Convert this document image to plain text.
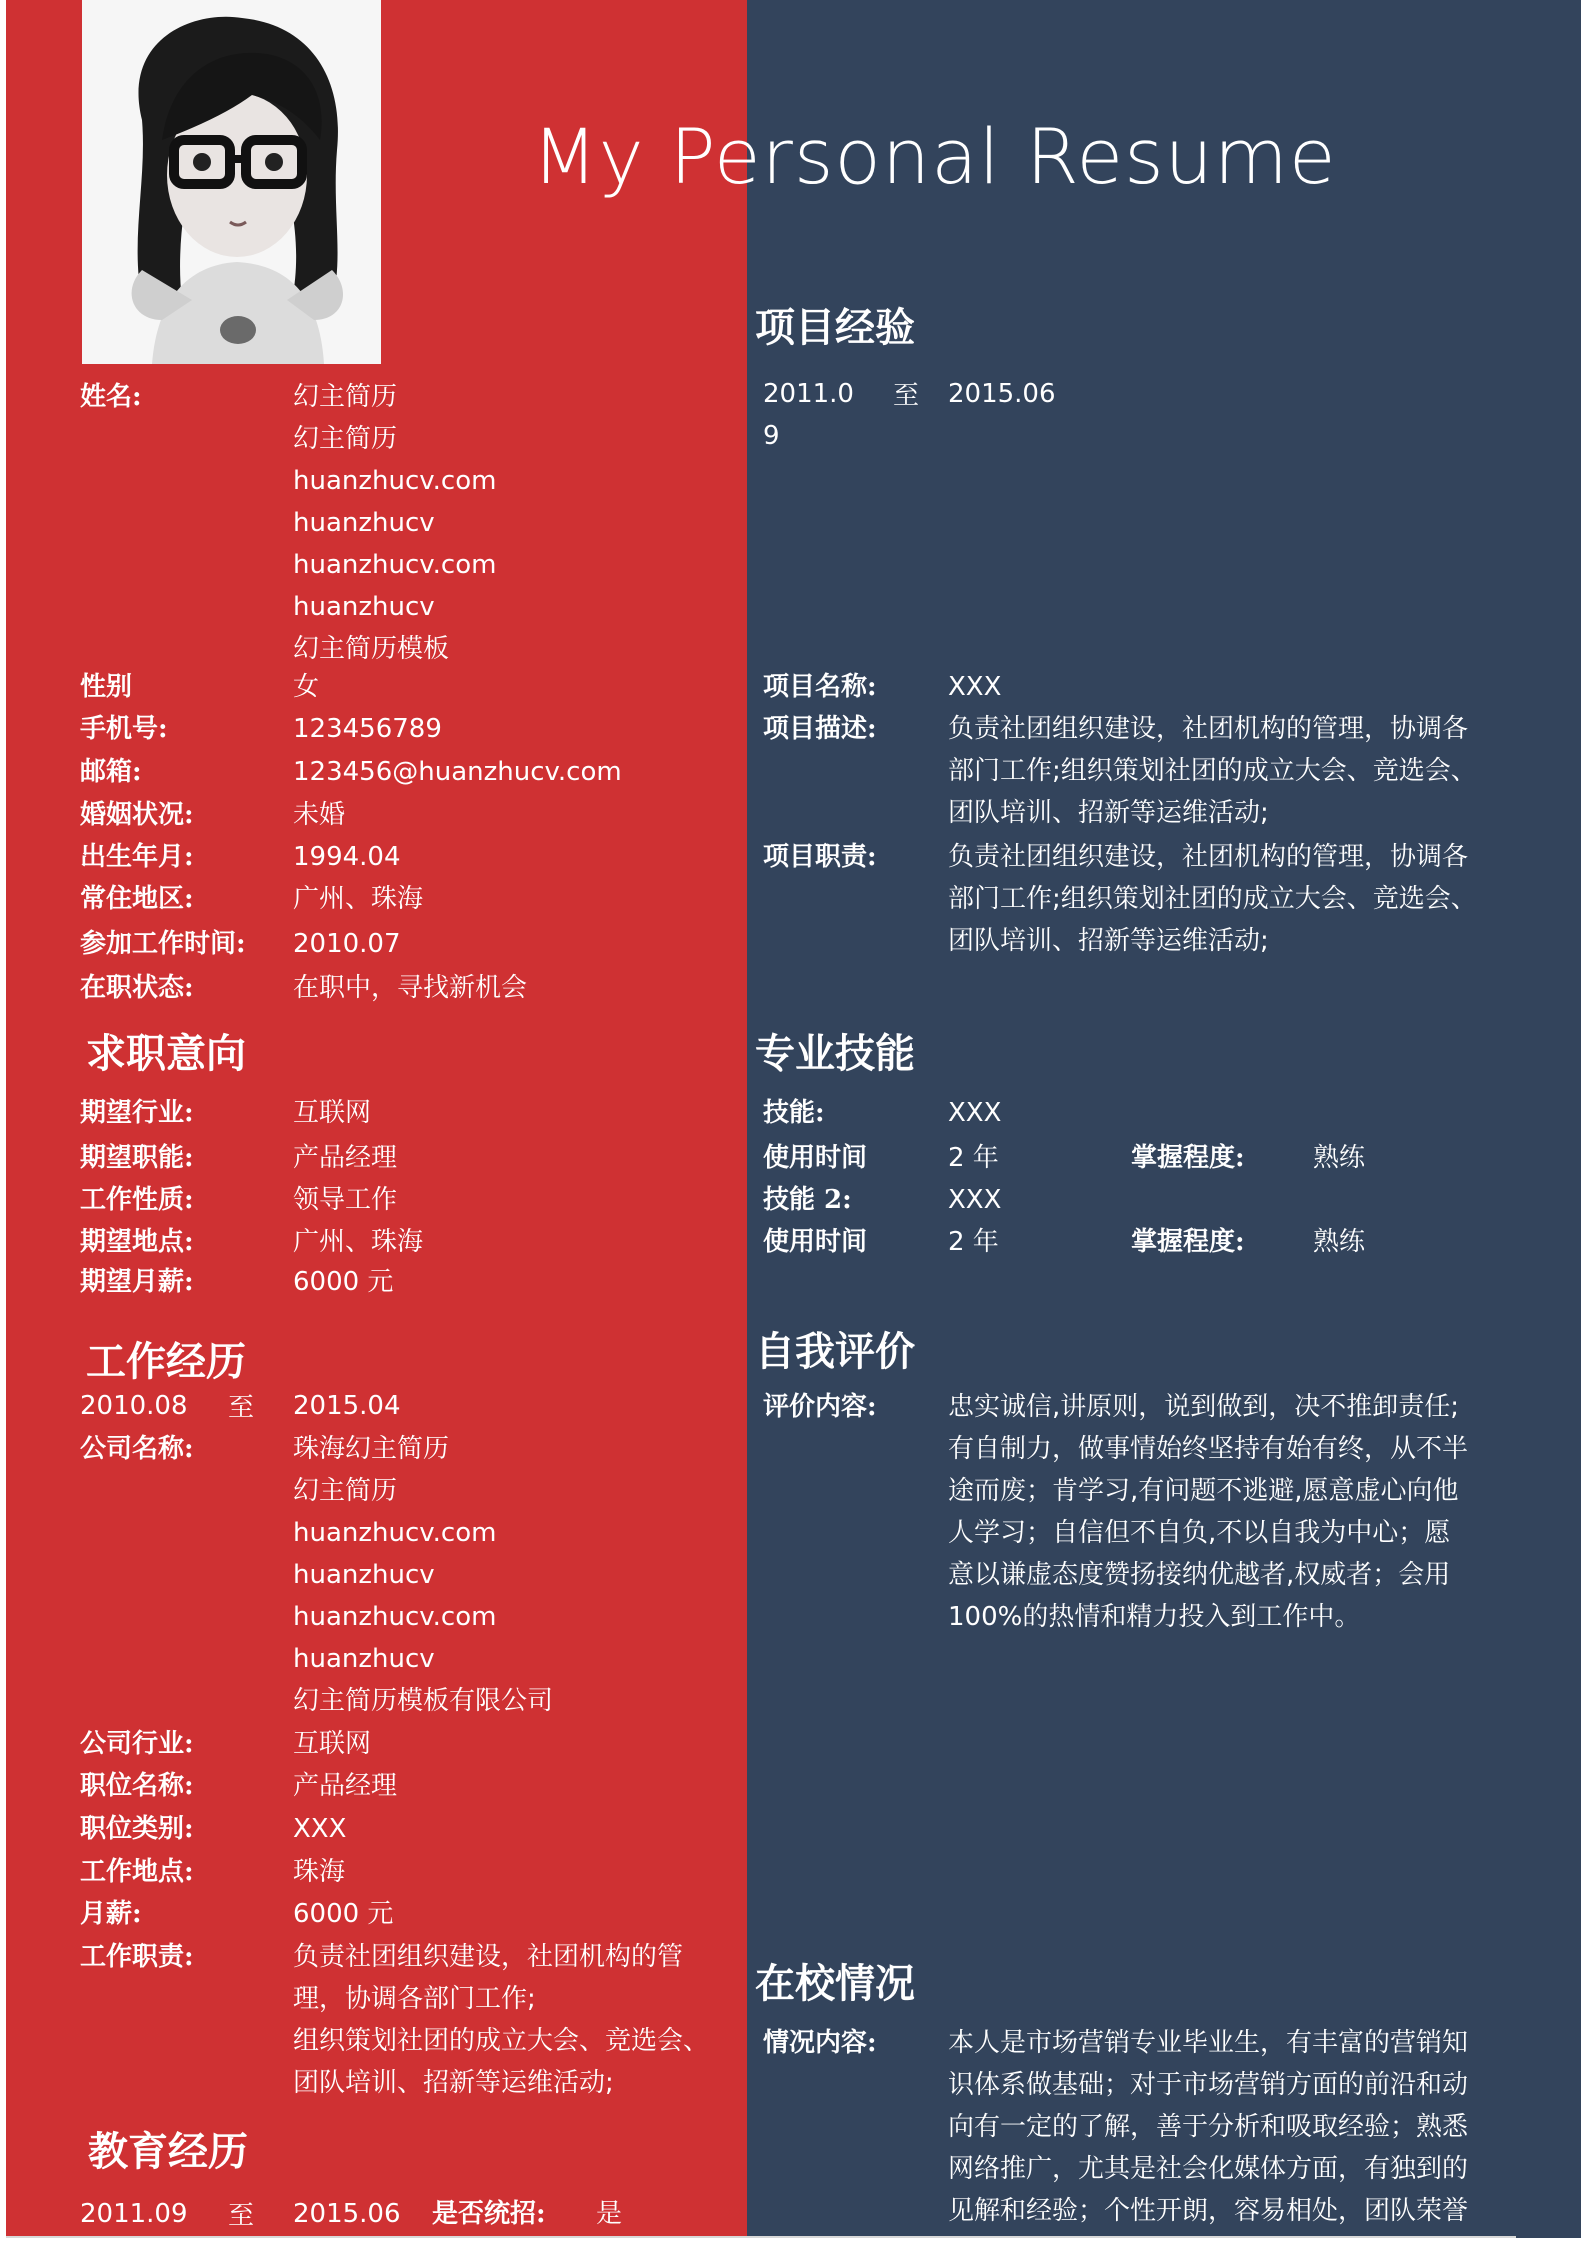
My Personal Resume
姓名:	幻主简历
幻主简历
huanzhucv.com
huanzhucv
huanzhucv.com
huanzhucv
幻主简历模板
性别	女
手机号:	123456789
邮箱:	123456@huanzhucv.com
婚姻状况:	未婚
出生年月:	1994.04
常住地区:	广州、珠海
参加工作时间: 2010.07
在职状态:	在职中，寻找新机会
求职意向
期望行业:	互联网
期望职能:	产品经理
工作性质:	领导工作
期望地点:	广州、珠海
期望月薪:	6000 元
工作经历
2010.08 至 2015.04
公司名称:	珠海幻主简历
幻主简历
huanzhucv.com
huanzhucv
huanzhucv.com
huanzhucv
幻主简历模板有限公司
公司行业:	互联网
职位名称:	产品经理
职位类别:	XXX
工作地点:	珠海
月薪:	6000 元
工作职责:	负责社团组织建设，社团机构的管
理，协调各部门工作;
组织策划社团的成立大会、竞选会、
团队培训、招新等运维活动;
教育经历
2011.09 至 2015.06 是否统招: 是
项目经验
2011.0
9
至 2015.06
项目名称:	XXX
项目描述:	负责社团组织建设，社团机构的管理，协调各
部门工作;组织策划社团的成立大会、竞选会、
团队培训、招新等运维活动;
项目职责:	负责社团组织建设，社团机构的管理，协调各
部门工作;组织策划社团的成立大会、竞选会、
团队培训、招新等运维活动;
专业技能
技能:	XXX
使用时间	2 年	掌握程度:	熟练
技能 2:	XXX
使用时间	2 年	掌握程度:	熟练
自我评价
评价内容:	忠实诚信,讲原则，说到做到，决不推卸责任;
有自制力，做事情始终坚持有始有终，从不半
途而废；肯学习,有问题不逃避,愿意虚心向他
人学习；自信但不自负,不以自我为中心；愿
意以谦虚态度赞扬接纳优越者,权威者；会用
100%的热情和精力投入到工作中。
在校情况
情况内容:	本人是市场营销专业毕业生，有丰富的营销知
识体系做基础；对于市场营销方面的前沿和动
向有一定的了解，善于分析和吸取经验；熟悉
网络推广，尤其是社会化媒体方面，有独到的
见解和经验；个性开朗，容易相处，团队荣誉
